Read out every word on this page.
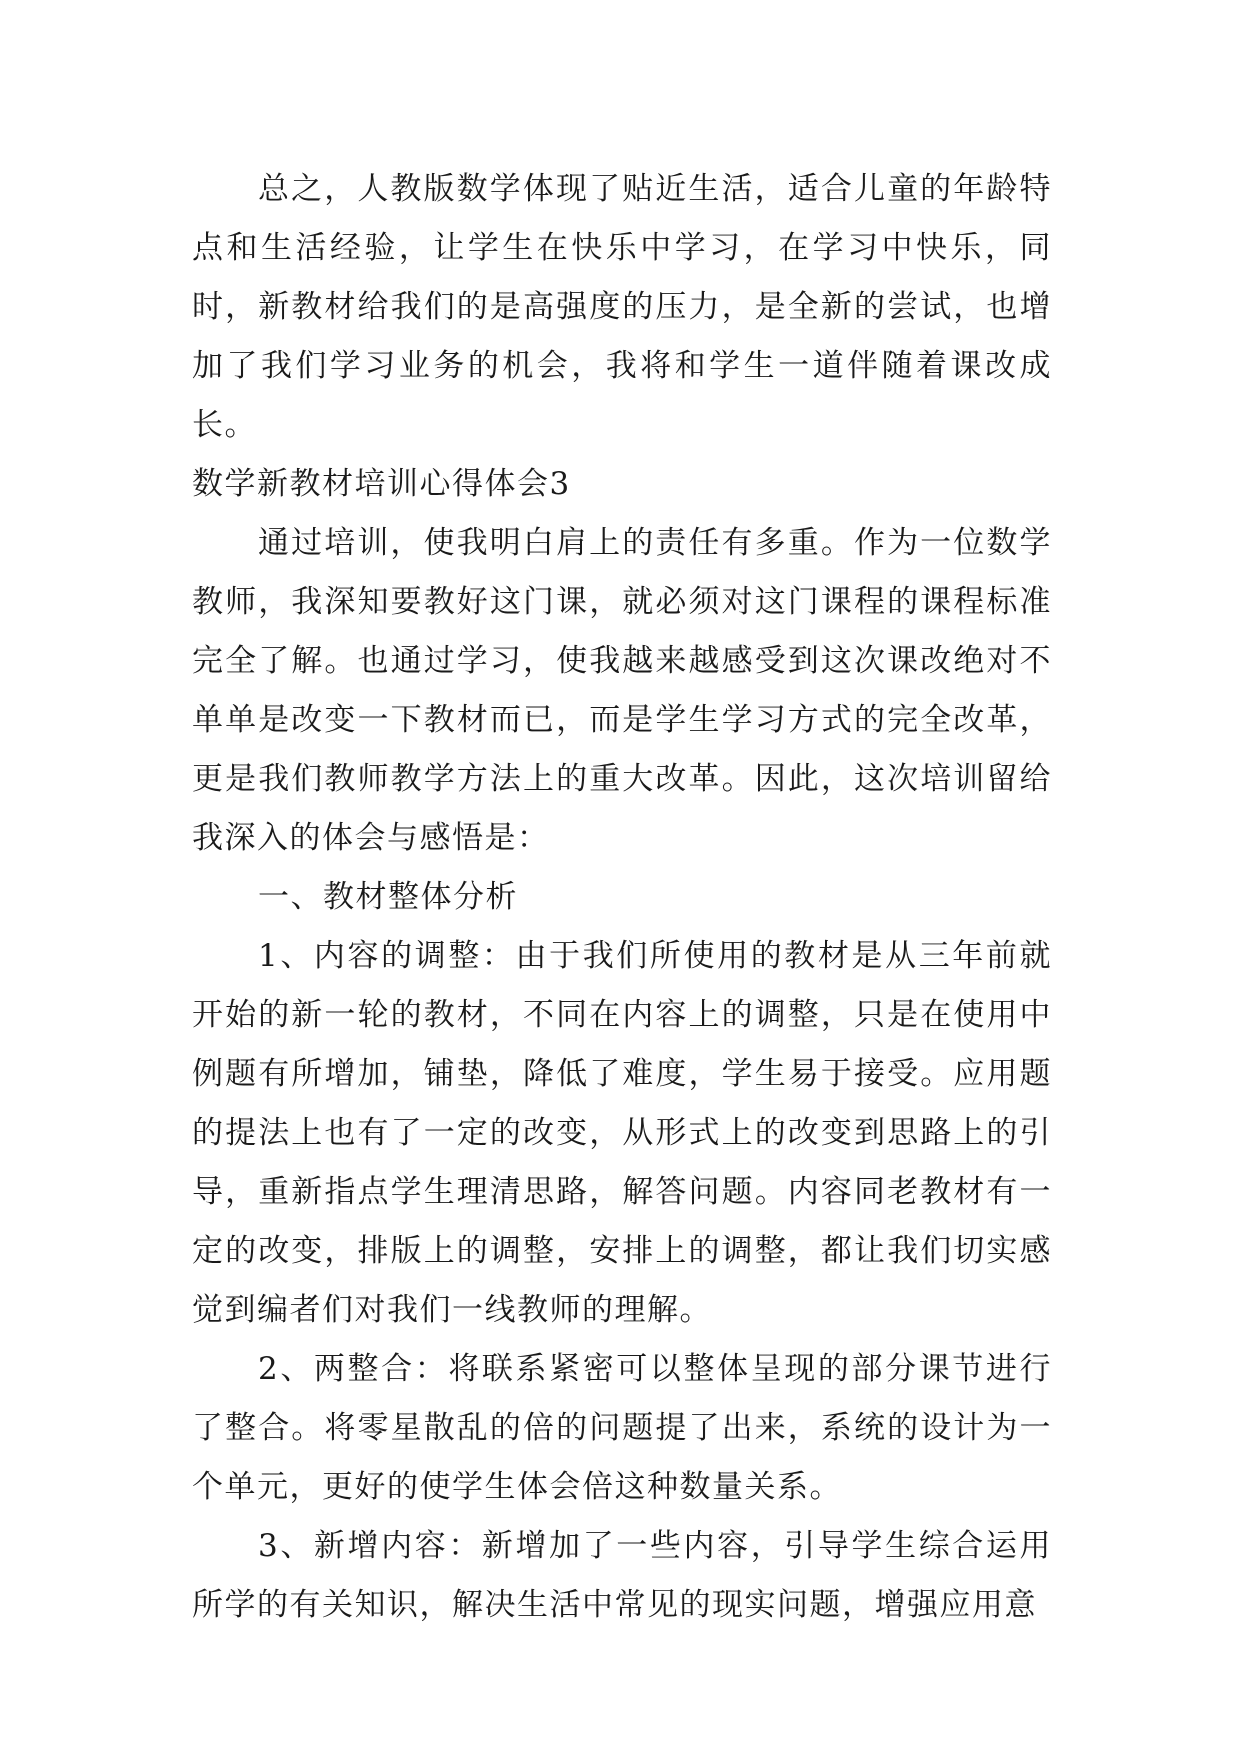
总之，人教版数学体现了贴近生活，适合儿童的年龄特点和生活经验，让学生在快乐中学习，在学习中快乐，同时，新教材给我们的是高强度的压力，是全新的尝试，也增加了我们学习业务的机会，我将和学生一道伴随着课改成长。

数学新教材培训心得体会3

通过培训，使我明白肩上的责任有多重。作为一位数学教师，我深知要教好这门课，就必须对这门课程的课程标准完全了解。也通过学习，使我越来越感受到这次课改绝对不单单是改变一下教材而已，而是学生学习方式的完全改革，更是我们教师教学方法上的重大改革。因此，这次培训留给我深入的体会与感悟是：

一、教材整体分析

1、内容的调整：由于我们所使用的教材是从三年前就开始的新一轮的教材，不同在内容上的调整，只是在使用中例题有所增加，铺垫，降低了难度，学生易于接受。应用题的提法上也有了一定的改变，从形式上的改变到思路上的引导，重新指点学生理清思路，解答问题。内容同老教材有一定的改变，排版上的调整，安排上的调整，都让我们切实感觉到编者们对我们一线教师的理解。

2、两整合：将联系紧密可以整体呈现的部分课节进行了整合。将零星散乱的倍的问题提了出来，系统的设计为一个单元，更好的使学生体会倍这种数量关系。

3、新增内容：新增加了一些内容，引导学生综合运用所学的有关知识，解决生活中常见的现实问题，增强应用意
